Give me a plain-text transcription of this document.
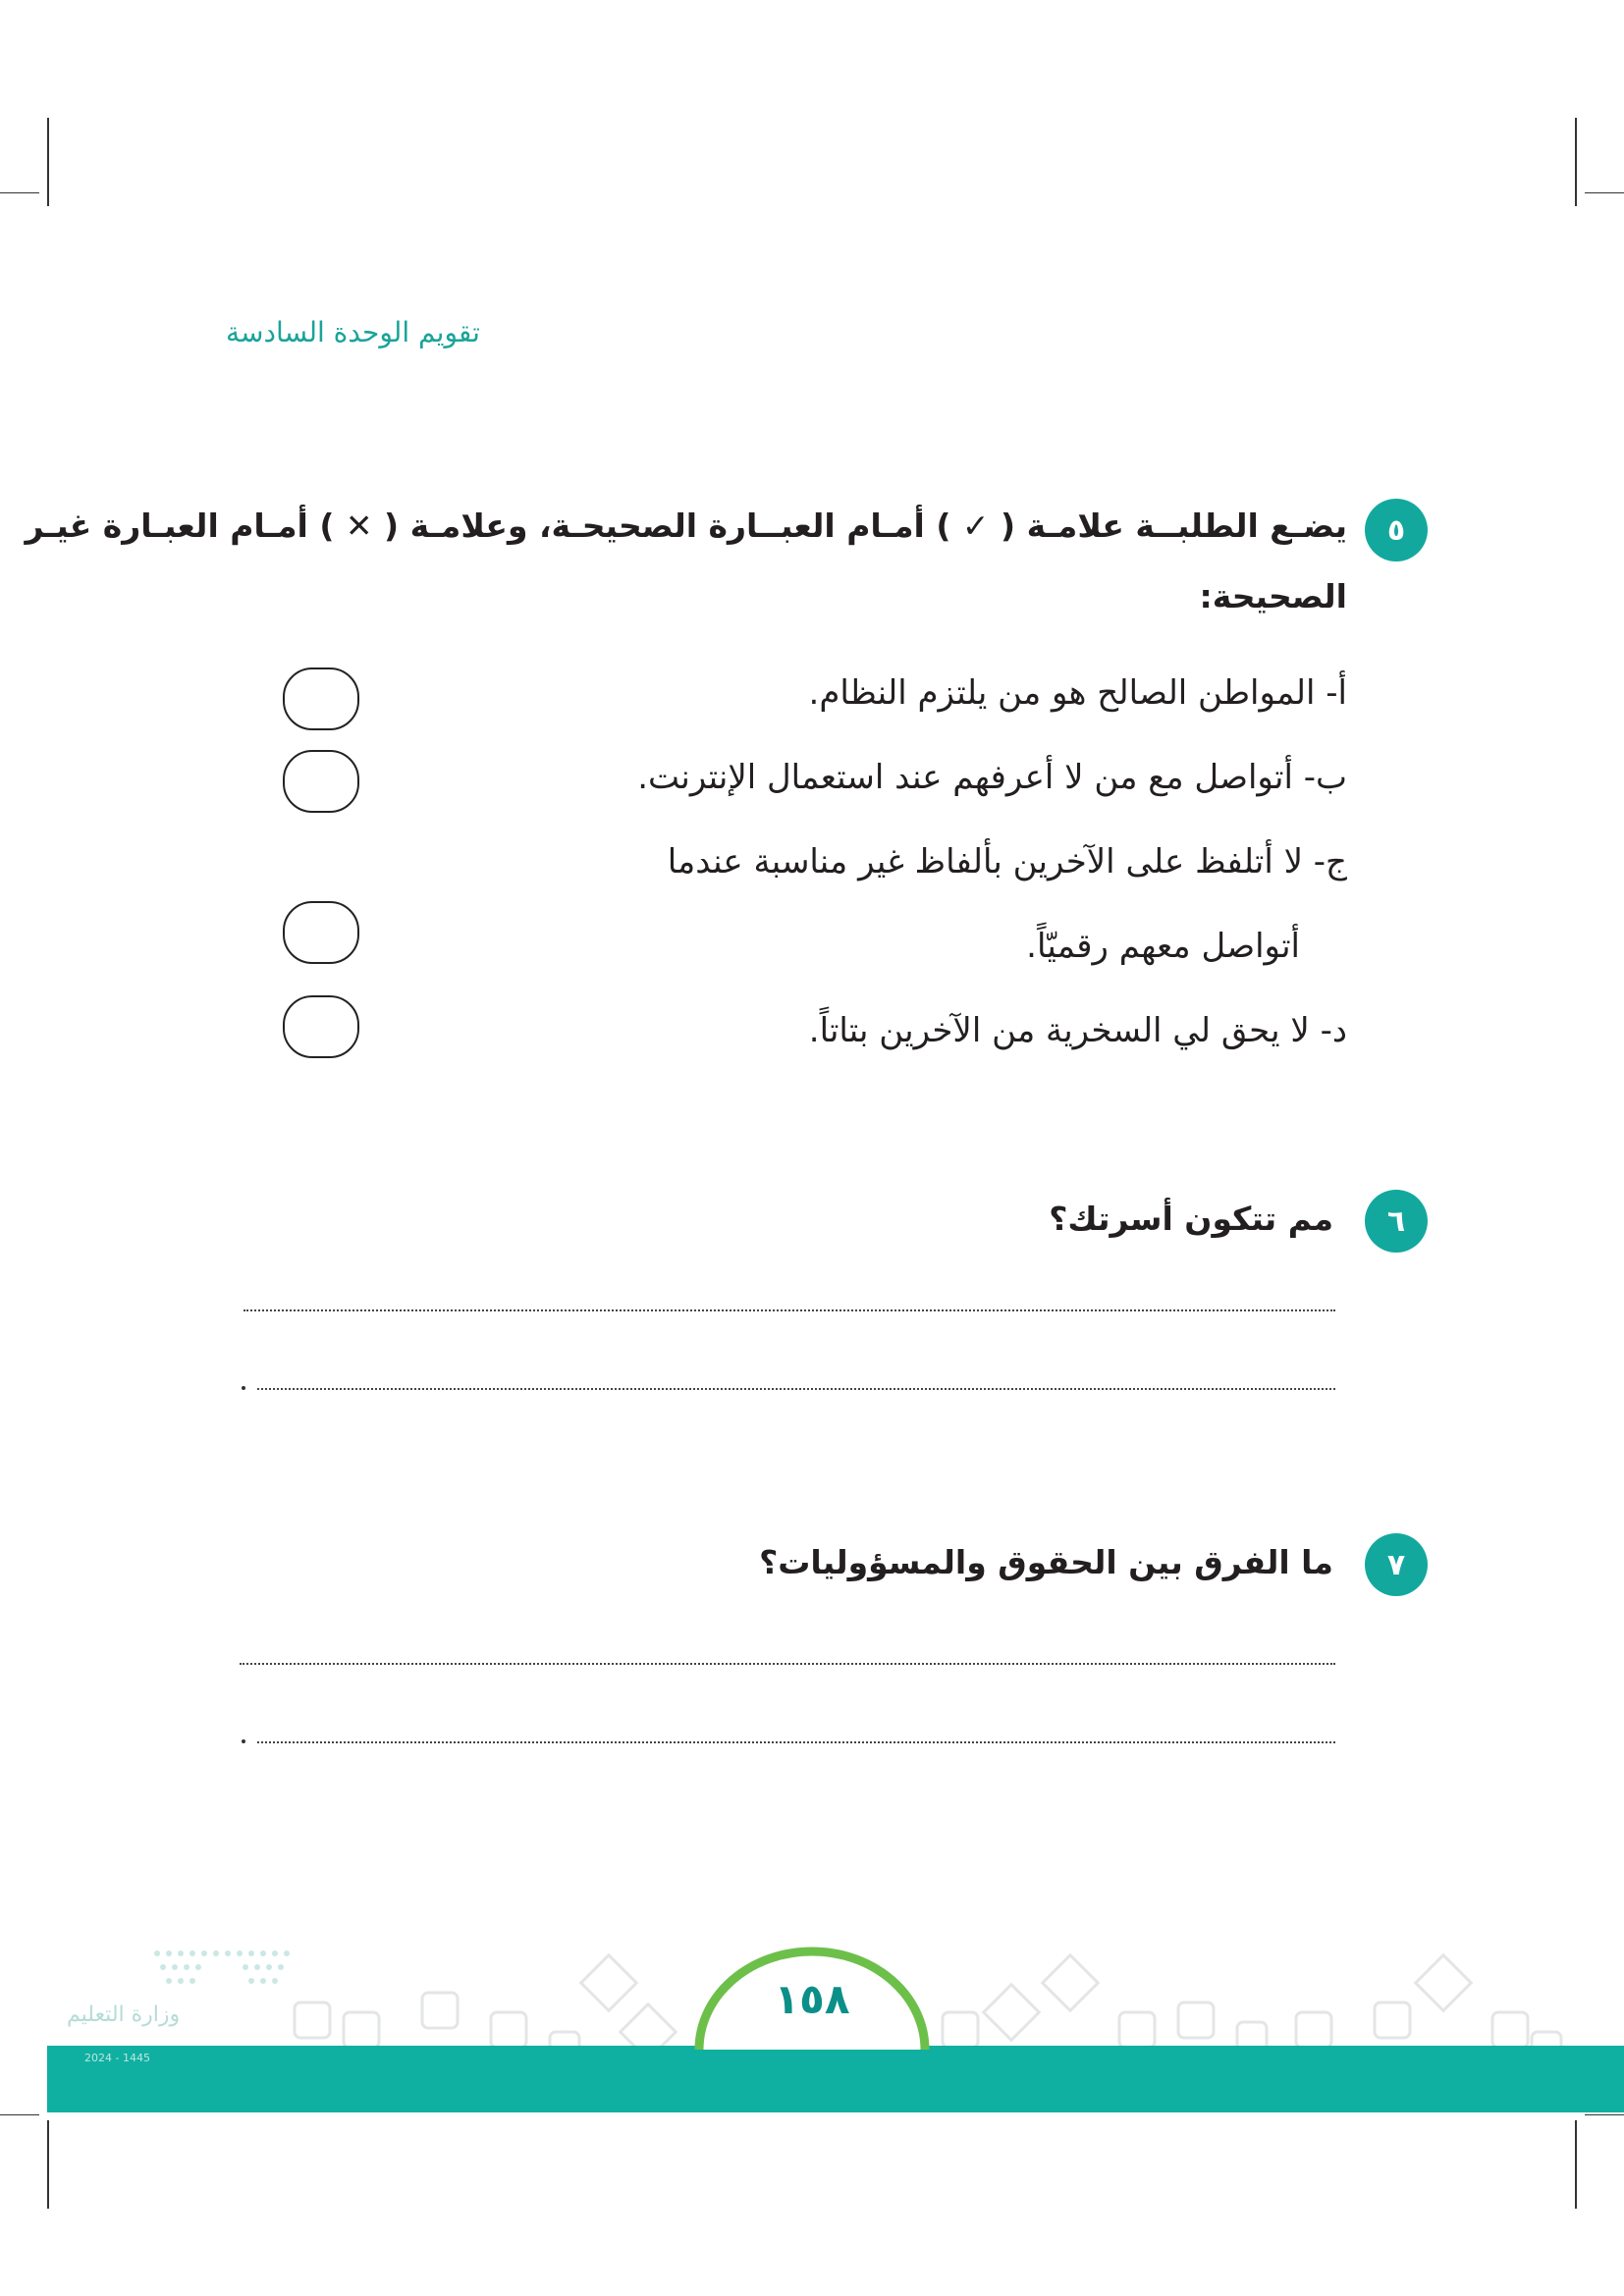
تقويم الوحدة السادسة
٥
يضـع الطلبــة علامـة ( ✓ ) أمـام العبــارة الصحيحـة، وعلامـة ( ✕ ) أمـام العبـارة غيـر
الصحيحة:
أ- المواطن الصالح هو من يلتزم النظام.
ب- أتواصل مع من لا أعرفهم عند استعمال الإنترنت.
ج- لا أتلفظ على الآخرين بألفاظ غير مناسبة عندما
أتواصل معهم رقميّاً.
د- لا يحق لي السخرية من الآخرين بتاتاً.
٦
مم تتكون أسرتك؟
٧
ما الفرق بين الحقوق والمسؤوليات؟
١٥٨
وزارة التعليم
2024 - 1445
